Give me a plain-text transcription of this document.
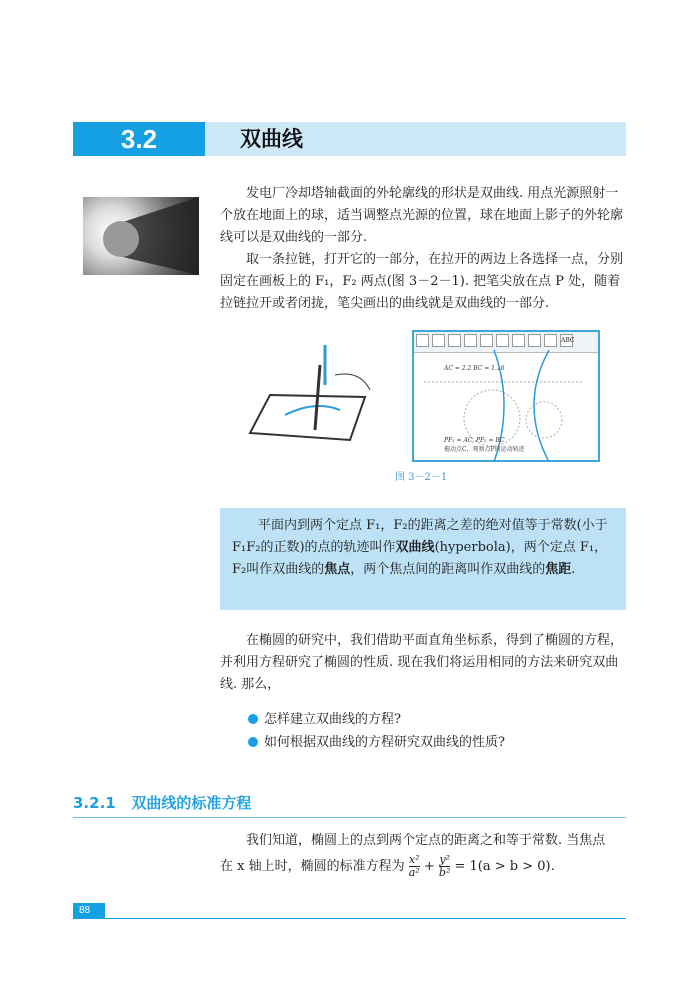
3.2	双曲线

发电厂冷却塔轴截面的外轮廓线的形状是双曲线. 用点光源照射一个放在地面上的球，适当调整点光源的位置，球在地面上影子的外轮廓线可以是双曲线的一部分.

取一条拉链，打开它的一部分，在拉开的两边上各选择一点，分别固定在画板上的 F₁，F₂ 两点(图 3－2－1). 把笔尖放在点 P 处，随着拉链拉开或者闭拢，笔尖画出的曲线就是双曲线的一部分.

ABC
AC = 2.2 BC = 1.16
PF₁ = AC, PF₂ = BC
拖动点C，观察点P的运动轨迹
图 3－2－1

平面内到两个定点 F₁，F₂的距离之差的绝对值等于常数(小于 F₁F₂的正数)的点的轨迹叫作双曲线(hyperbola)，两个定点 F₁，F₂叫作双曲线的焦点，两个焦点间的距离叫作双曲线的焦距.

在椭圆的研究中，我们借助平面直角坐标系，得到了椭圆的方程，并利用方程研究了椭圆的性质. 现在我们将运用相同的方法来研究双曲线. 那么，

怎样建立双曲线的方程?
如何根据双曲线的方程研究双曲线的性质?
3.2.1 双曲线的标准方程

我们知道，椭圆上的点到两个定点的距离之和等于常数. 当焦点

在 x 轴上时，椭圆的标准方程为 $\frac{\text{x²}}{\text{a²}} + \frac{\text{y²}}{\text{b²}} = 1(a > b > 0)$.
88
